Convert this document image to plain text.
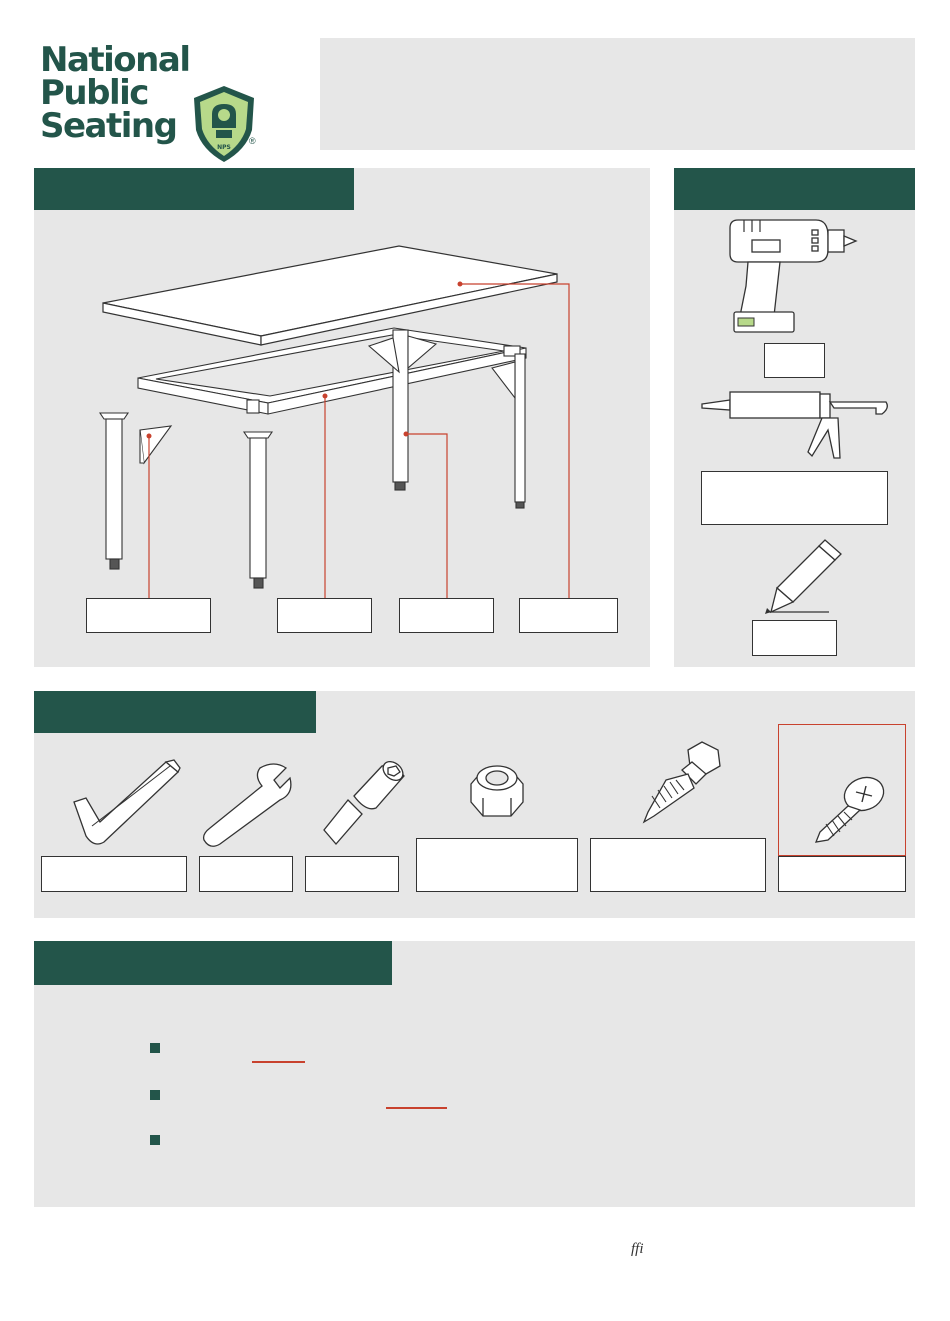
National
Public
Seating
NPS
®
ffi
